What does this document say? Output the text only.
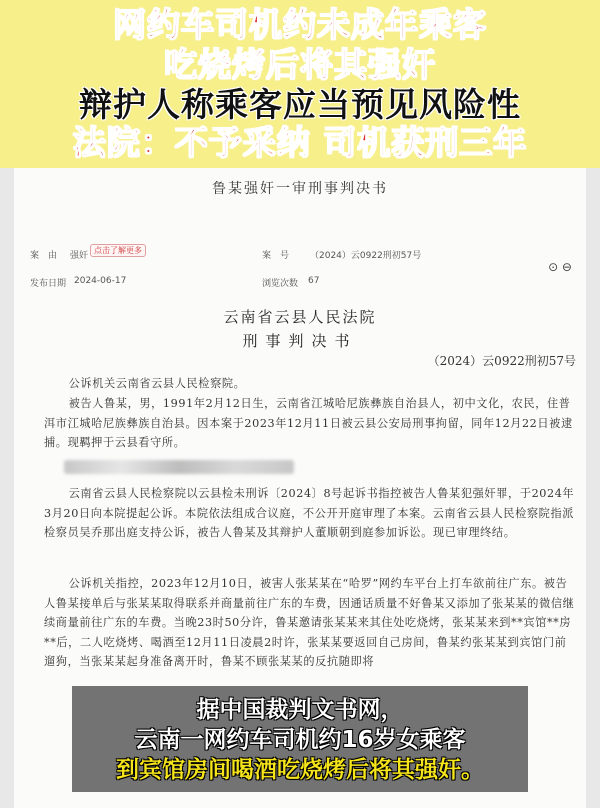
网约车司机约未成年乘客
吃烧烤后将其强奸
辩护人称乘客应当预见风险性
法院：不予采纳 司机获刑三年
鲁某强奸一审刑事判决书
案　由 强奸
点击了解更多
案　号 （2024）云0922刑初57号
发布日期 2024-06-17	浏览次数 67
⊙ ⊖
云南省云县人民法院
刑事判决书
（2024）云0922刑初57号
公诉机关云南省云县人民检察院。
被告人鲁某，男，1991年2月12日生，云南省江城哈尼族彝族自治县人，初中文化，农民，住普洱市江城哈尼族彝族自治县。因本案于2023年12月11日被云县公安局刑事拘留，同年12月22日被逮捕。现羁押于云县看守所。
云南省云县人民检察院以云县检未刑诉〔2024〕8号起诉书指控被告人鲁某犯强奸罪，于2024年3月20日向本院提起公诉。本院依法组成合议庭，不公开开庭审理了本案。云南省云县人民检察院指派检察员吴乔那出庭支持公诉，被告人鲁某及其辩护人董顺朝到庭参加诉讼。现已审理终结。
公诉机关指控，2023年12月10日，被害人张某某在“哈罗”网约车平台上打车欲前往广东。被告人鲁某接单后与张某某取得联系并商量前往广东的车费，因通话质量不好鲁某又添加了张某某的微信继续商量前往广东的车费。当晚23时50分许，鲁某邀请张某某来其住处吃烧烤，张某某来到**宾馆**房**后，二人吃烧烤、喝酒至12月11日凌晨2时许，张某某要返回自己房间，鲁某约张某某到宾馆门前遛狗，当张某某起身准备离开时，鲁某不顾张某某的反抗随即将
据中国裁判文书网，
云南一网约车司机约16岁女乘客
到宾馆房间喝酒吃烧烤后将其强奸。
